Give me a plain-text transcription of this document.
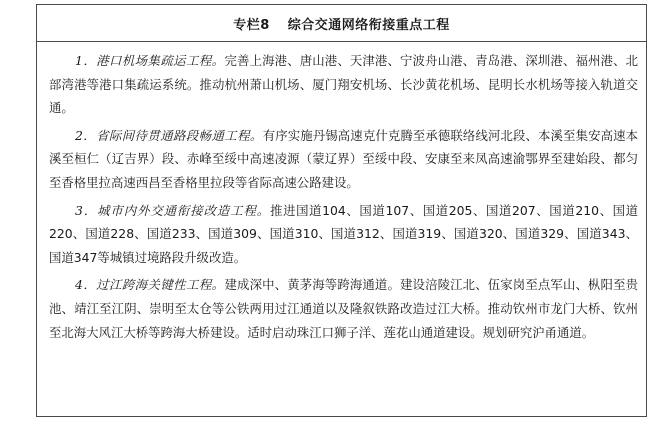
专栏8 综合交通网络衔接重点工程

1．港口机场集疏运工程。完善上海港、唐山港、天津港、宁波舟山港、青岛港、深圳港、福州港、北部湾港等港口集疏运系统。推动杭州萧山机场、厦门翔安机场、长沙黄花机场、昆明长水机场等接入轨道交通。

2．省际间待贯通路段畅通工程。有序实施丹锡高速克什克腾至承德联络线河北段、本溪至集安高速本溪至桓仁（辽吉界）段、赤峰至绥中高速凌源（蒙辽界）至绥中段、安康至来凤高速渝鄂界至建始段、都匀至香格里拉高速西昌至香格里拉段等省际高速公路建设。

3．城市内外交通衔接改造工程。推进国道104、国道107、国道205、国道207、国道210、国道220、国道228、国道233、国道309、国道310、国道312、国道319、国道320、国道329、国道343、国道347等城镇过境路段升级改造。

4．过江跨海关键性工程。建成深中、黄茅海等跨海通道。建设涪陵江北、伍家岗至点军山、枞阳至贵池、靖江至江阴、崇明至太仓等公铁两用过江通道以及隆叙铁路改造过江大桥。推动钦州市龙门大桥、钦州至北海大风江大桥等跨海大桥建设。适时启动珠江口狮子洋、莲花山通道建设。规划研究沪甬通道。
